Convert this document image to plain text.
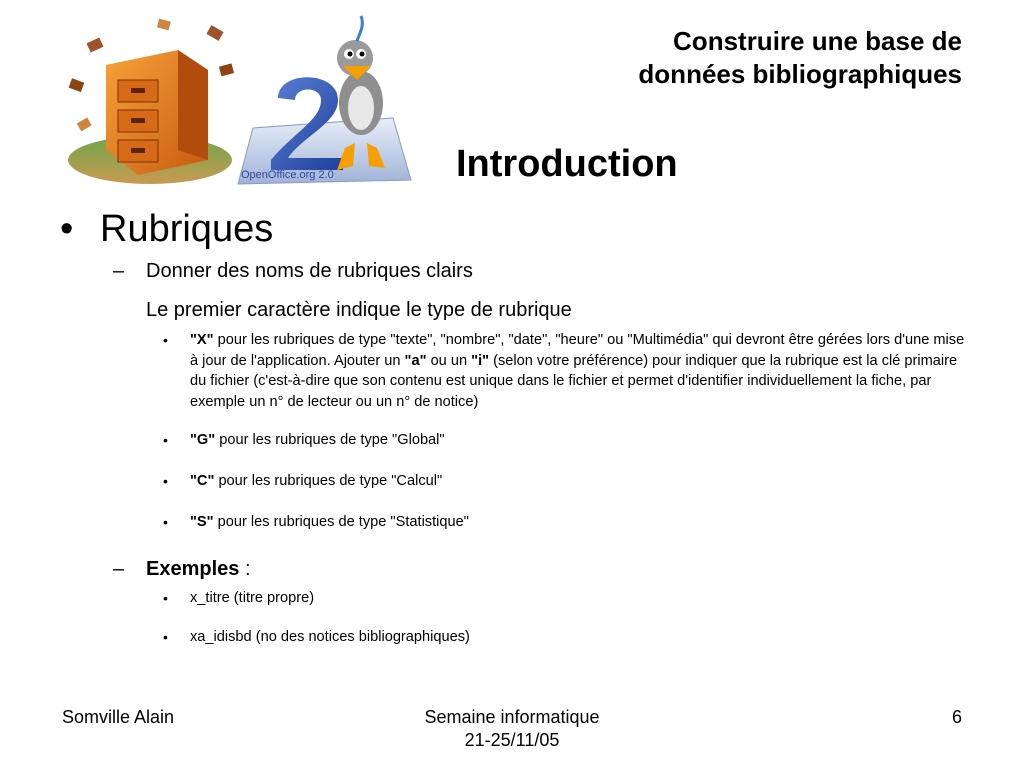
OpenOffice.org 2.0
Construire une base de
données bibliographiques
Introduction
• Rubriques
– Donner des noms de rubriques clairs
Le premier caractère indique le type de rubrique
• "X" pour les rubriques de type "texte", "nombre", "date", "heure" ou "Multimédia" qui devront être gérées lors d'une mise à jour de l'application. Ajouter un "a" ou un "i" (selon votre préférence) pour indiquer que la rubrique est la clé primaire du fichier (c'est-à-dire que son contenu est unique dans le fichier et permet d'identifier individuellement la fiche, par exemple un n° de lecteur ou un n° de notice)
• "G" pour les rubriques de type "Global"
• "C" pour les rubriques de type "Calcul"
• "S" pour les rubriques de type "Statistique"
– Exemples :
• x_titre (titre propre)
• xa_idisbd (no des notices bibliographiques)
Somville Alain	Semaine informatique
21-25/11/05
6
